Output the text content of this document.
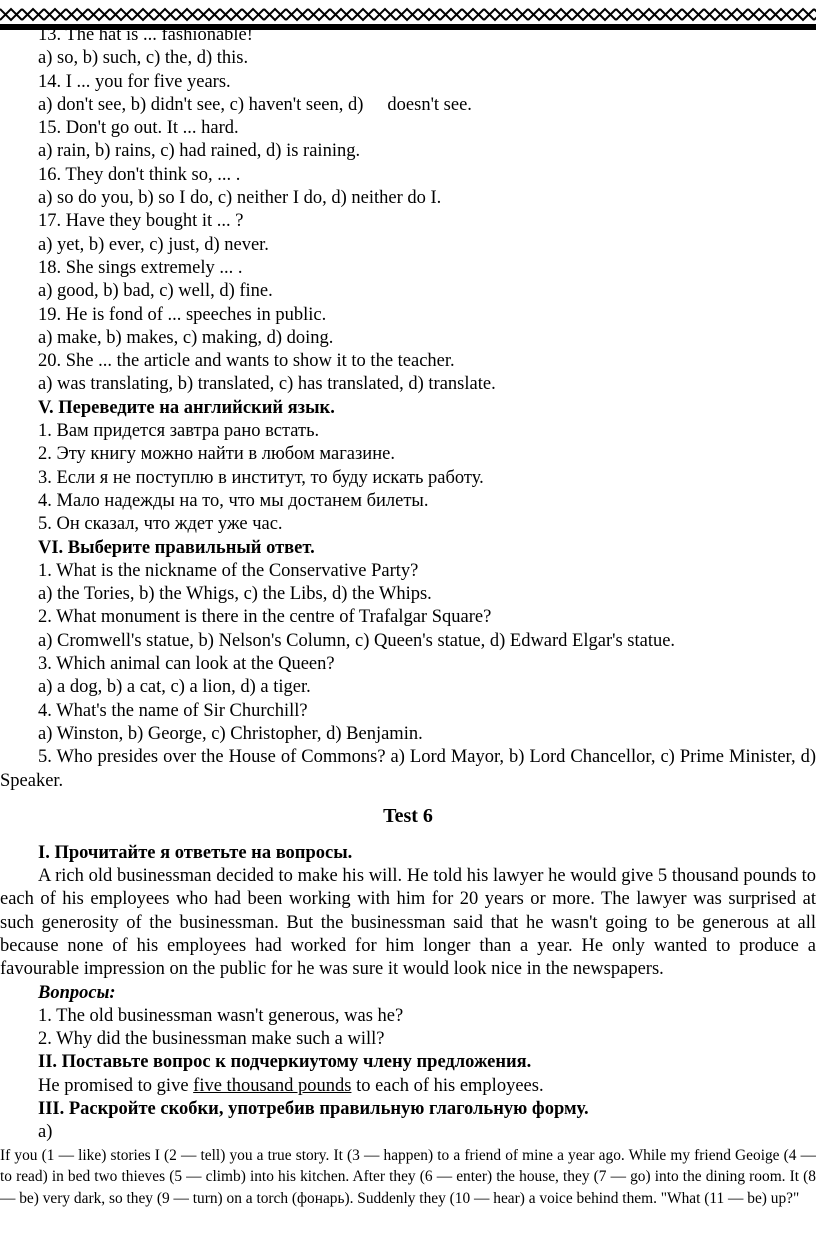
13. The hat is ... fashionable!
a) so, b) such, c) the, d) this.
14. I ... you for five years.
a) don't see, b) didn't see, c) haven't seen, d) doesn't see.
15. Don't go out. It ... hard.
a) rain, b) rains, c) had rained, d) is raining.
16. They don't think so, ... .
a) so do you, b) so I do, c) neither I do, d) neither do I.
17. Have they bought it ... ?
a) yet, b) ever, c) just, d) never.
18. She sings extremely ... .
a) good, b) bad, c) well, d) fine.
19. He is fond of ... speeches in public.
a) make, b) makes, c) making, d) doing.
20. She ... the article and wants to show it to the teacher.
a) was translating, b) translated, c) has translated, d) translate.
V. Переведите на английский язык.
1. Вам придется завтра рано встать.
2. Эту книгу можно найти в любом магазине.
3. Если я не поступлю в институт, то буду искать работу.
4. Мало надежды на то, что мы достанем билеты.
5. Он сказал, что ждет уже час.
VI. Выберите правильный ответ.
1. What is the nickname of the Conservative Party?
a) the Tories, b) the Whigs, c) the Libs, d) the Whips.
2. What monument is there in the centre of Trafalgar Square?
a) Cromwell's statue, b) Nelson's Column, c) Queen's statue, d) Edward Elgar's statue.
3. Which animal can look at the Queen?
a) a dog, b) a cat, c) a lion, d) a tiger.
4. What's the name of Sir Churchill?
a) Winston, b) George, c) Christopher, d) Benjamin.

5. Who presides over the House of Commons? a) Lord Mayor, b) Lord Chancellor, c) Prime Minister, d) Speaker.

Test 6
I. Прочитайте я ответьте на вопросы.

A rich old businessman decided to make his will. He told his lawyer he would give 5 thousand pounds to each of his employees who had been working with him for 20 years or more. The lawyer was surprised at such generosity of the businessman. But the businessman said that he wasn't going to be generous at all because none of his employees had worked for him longer than a year. He only wanted to produce a favourable impression on the public for he was sure it would look nice in the newspapers.

Вопросы:
1. The old businessman wasn't generous, was he?
2. Why did the businessman make such a will?
II. Поставьте вопрос к подчеркиутому члену предложения.
He promised to give five thousand pounds to each of his employees.
III. Раскройте скобки, употребив правильную глагольную форму.
a)

If you (1 — like) stories I (2 — tell) you a true story. It (3 — happen) to a friend of mine a year ago. While my friend Geoige (4 — to read) in bed two thieves (5 — climb) into his kitchen. After they (6 — enter) the house, they (7 — go) into the dining room. It (8 — be) very dark, so they (9 — turn) on a torch (фонарь). Suddenly they (10 — hear) a voice behind them. "What (11 — be) up?"
